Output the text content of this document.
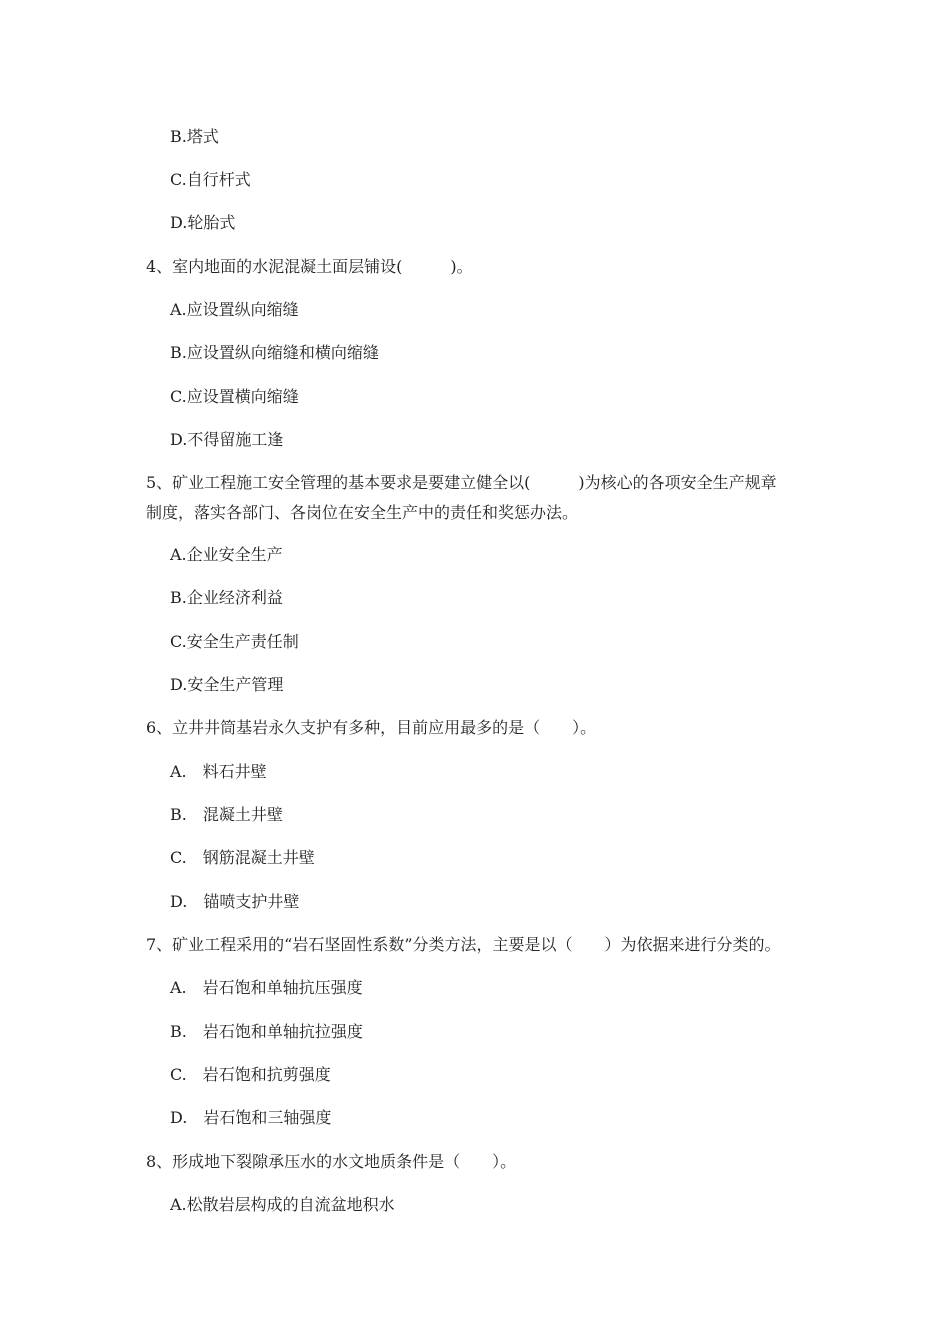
B.塔式
C.自行杆式
D.轮胎式
4、室内地面的水泥混凝土面层铺设(　　　)。
A.应设置纵向缩缝
B.应设置纵向缩缝和横向缩缝
C.应设置横向缩缝
D.不得留施工逢
5、矿业工程施工安全管理的基本要求是要建立健全以(　　　)为核心的各项安全生产规章
制度，落实各部门、各岗位在安全生产中的责任和奖惩办法。
A.企业安全生产
B.企业经济利益
C.安全生产责任制
D.安全生产管理
6、立井井筒基岩永久支护有多种，目前应用最多的是（　　）。
A.　料石井壁
B.　混凝土井壁
C.　钢筋混凝土井壁
D.　锚喷支护井壁
7、矿业工程采用的“岩石坚固性系数”分类方法，主要是以（　　）为依据来进行分类的。
A.　岩石饱和单轴抗压强度
B.　岩石饱和单轴抗拉强度
C.　岩石饱和抗剪强度
D.　岩石饱和三轴强度
8、形成地下裂隙承压水的水文地质条件是（　　）。
A.松散岩层构成的自流盆地积水
